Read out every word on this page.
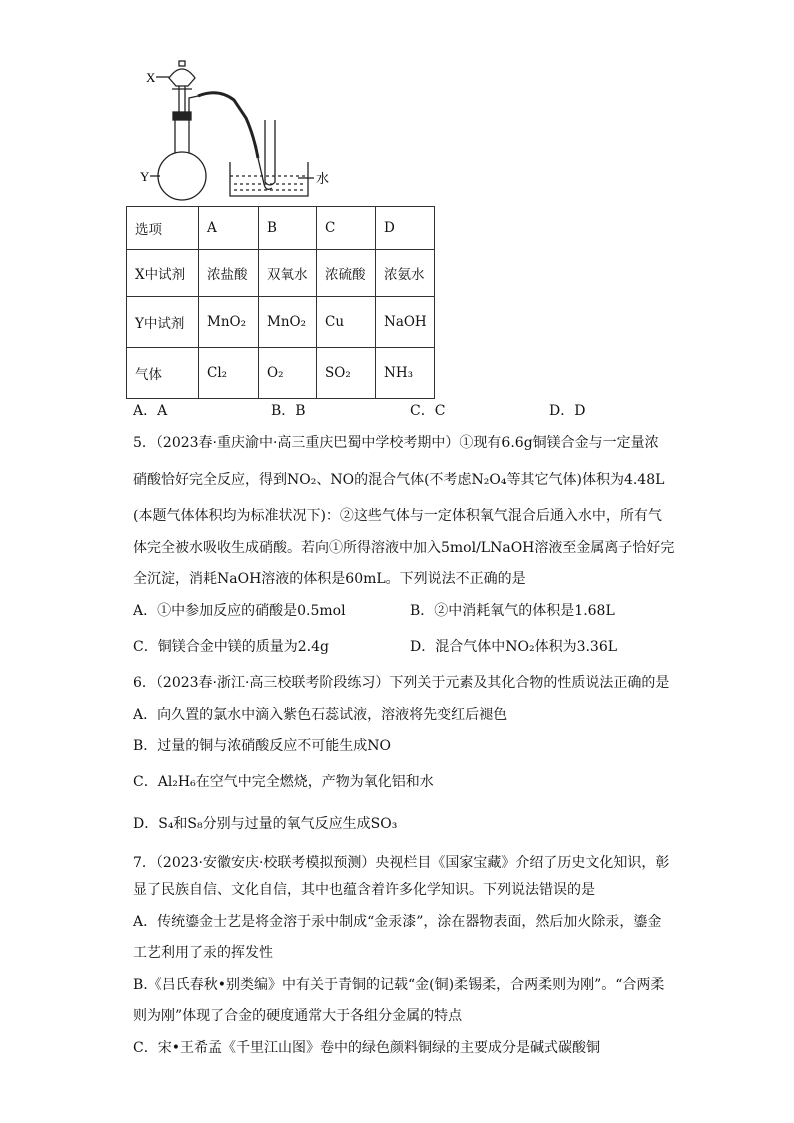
X
Y	水
选项	A	B	C	D
X中试剂	浓盐酸	双氧水	浓硫酸	浓氨水
Y中试剂	MnO₂	MnO₂	Cu	NaOH
气体	Cl₂	O₂	SO₂	NH₃
A．A	B．B	C．C	D．D
5．（2023春·重庆渝中·高三重庆巴蜀中学校考期中）①现有6.6g铜镁合金与一定量浓
硝酸恰好完全反应，得到NO₂、NO的混合气体(不考虑N₂O₄等其它气体)体积为4.48L
(本题气体体积均为标准状况下)：②这些气体与一定体积氧气混合后通入水中，所有气
体完全被水吸收生成硝酸。若向①所得溶液中加入5mol/LNaOH溶液至金属离子恰好完
全沉淀，消耗NaOH溶液的体积是60mL。下列说法不正确的是
A．①中参加反应的硝酸是0.5mol	B．②中消耗氧气的体积是1.68L
C．铜镁合金中镁的质量为2.4g	D．混合气体中NO₂体积为3.36L
6．（2023春·浙江·高三校联考阶段练习）下列关于元素及其化合物的性质说法正确的是
A．向久置的氯水中滴入紫色石蕊试液，溶液将先变红后褪色
B．过量的铜与浓硝酸反应不可能生成NO
C．Al₂H₆在空气中完全燃烧，产物为氧化铝和水
D．S₄和S₈分别与过量的氧气反应生成SO₃
7．（2023·安徽安庆·校联考模拟预测）央视栏目《国家宝藏》介绍了历史文化知识，彰
显了民族自信、文化自信，其中也蕴含着许多化学知识。下列说法错误的是
A．传统鎏金士艺是将金溶于汞中制成“金汞漆”，涂在器物表面，然后加火除汞，鎏金
工艺利用了汞的挥发性
B.《吕氏春秋•别类编》中有关于青铜的记载“金(铜)柔锡柔，合两柔则为刚”。“合两柔
则为刚”体现了合金的硬度通常大于各组分金属的特点
C．宋•王希孟《千里江山图》卷中的绿色颜料铜绿的主要成分是碱式碳酸铜
